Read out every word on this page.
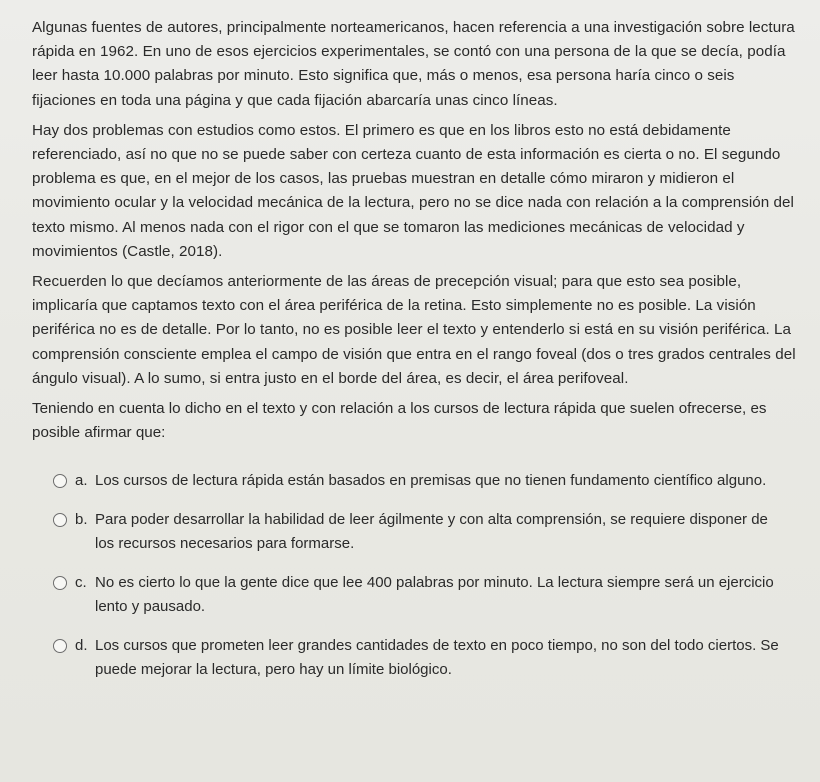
Algunas fuentes de autores, principalmente norteamericanos, hacen referencia a una investigación sobre lectura rápida en 1962. En uno de esos ejercicios experimentales, se contó con una persona de la que se decía, podía leer hasta 10.000 palabras por minuto. Esto significa que, más o menos, esa persona haría cinco o seis fijaciones en toda una página y que cada fijación abarcaría unas cinco líneas.

Hay dos problemas con estudios como estos. El primero es que en los libros esto no está debidamente referenciado, así no que no se puede saber con certeza cuanto de esta información es cierta o no. El segundo problema es que, en el mejor de los casos, las pruebas muestran en detalle cómo miraron y midieron el movimiento ocular y la velocidad mecánica de la lectura, pero no se dice nada con relación a la comprensión del texto mismo. Al menos nada con el rigor con el que se tomaron las mediciones mecánicas de velocidad y movimientos (Castle, 2018).

Recuerden lo que decíamos anteriormente de las áreas de precepción visual; para que esto sea posible, implicaría que captamos texto con el área periférica de la retina. Esto simplemente no es posible. La visión periférica no es de detalle. Por lo tanto, no es posible leer el texto y entenderlo si está en su visión periférica. La comprensión consciente emplea el campo de visión que entra en el rango foveal (dos o tres grados centrales del ángulo visual). A lo sumo, si entra justo en el borde del área, es decir, el área perifoveal.

Teniendo en cuenta lo dicho en el texto y con relación a los cursos de lectura rápida que suelen ofrecerse, es posible afirmar que:
a. Los cursos de lectura rápida están basados en premisas que no tienen fundamento científico alguno.
b. Para poder desarrollar la habilidad de leer ágilmente y con alta comprensión, se requiere disponer de los recursos necesarios para formarse.
c. No es cierto lo que la gente dice que lee 400 palabras por minuto. La lectura siempre será un ejercicio lento y pausado.
d. Los cursos que prometen leer grandes cantidades de texto en poco tiempo, no son del todo ciertos. Se puede mejorar la lectura, pero hay un límite biológico.
